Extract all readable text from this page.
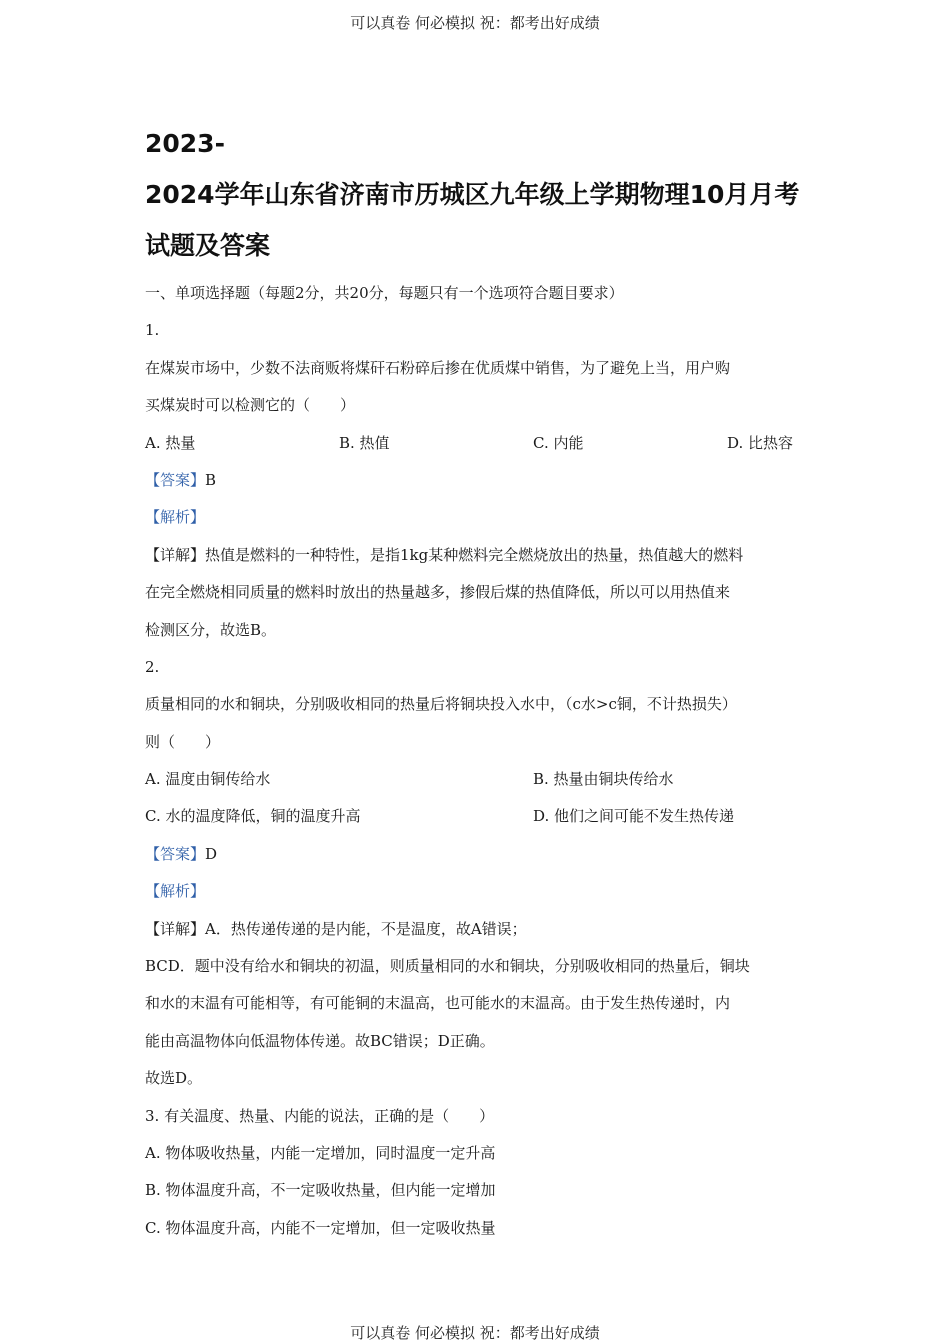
可以真卷 何必模拟 祝：都考出好成绩
2023-
2024学年山东省济南市历城区九年级上学期物理10月月考
试题及答案
一、单项选择题（每题2分，共20分，每题只有一个选项符合题目要求）
1.
在煤炭市场中，少数不法商贩将煤矸石粉碎后掺在优质煤中销售，为了避免上当，用户购
买煤炭时可以检测它的（　　）
A. 热量	B. 热值	C. 内能	D. 比热容
【答案】B
【解析】
【详解】热值是燃料的一种特性，是指1kg某种燃料完全燃烧放出的热量，热值越大的燃料
在完全燃烧相同质量的燃料时放出的热量越多，掺假后煤的热值降低，所以可以用热值来
检测区分，故选B。
2.
质量相同的水和铜块，分别吸收相同的热量后将铜块投入水中，（c水>c铜，不计热损失）
则（　　）
A. 温度由铜传给水	B. 热量由铜块传给水
C. 水的温度降低，铜的温度升高	D. 他们之间可能不发生热传递
【答案】D
【解析】
【详解】A．热传递传递的是内能，不是温度，故A错误；
BCD．题中没有给水和铜块的初温，则质量相同的水和铜块，分别吸收相同的热量后，铜块
和水的末温有可能相等，有可能铜的末温高，也可能水的末温高。由于发生热传递时，内
能由高温物体向低温物体传递。故BC错误；D正确。
故选D。
3. 有关温度、热量、内能的说法，正确的是（　　）
A. 物体吸收热量，内能一定增加，同时温度一定升高
B. 物体温度升高，不一定吸收热量，但内能一定增加
C. 物体温度升高，内能不一定增加，但一定吸收热量
可以真卷 何必模拟 祝：都考出好成绩
